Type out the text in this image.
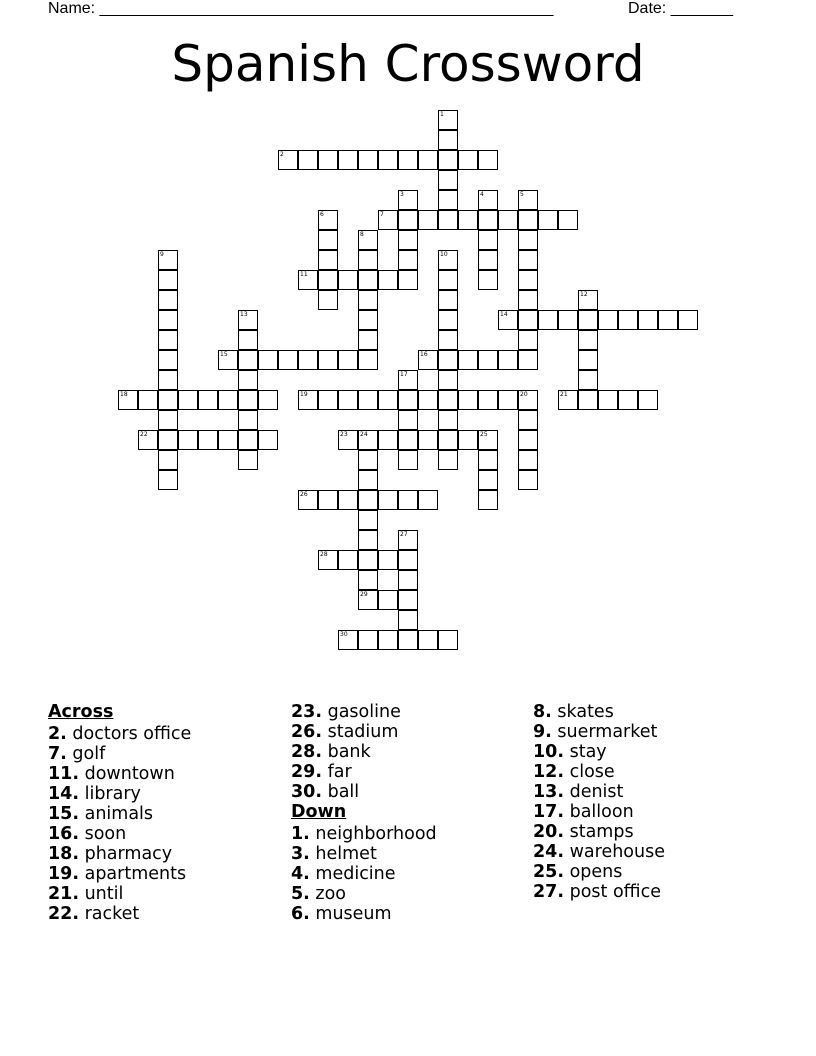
Name: ___________________________________________________	Date: _______
Spanish Crossword
1
2
3	4	5
6	7
8
9	10
11
12
13	14
15	16
17
18	19	20	21
22	23 24	25
26
27
28
29
30
Across
2. doctors office
7. golf
11. downtown
14. library
15. animals
16. soon
18. pharmacy
19. apartments
21. until
22. racket
23. gasoline
26. stadium
28. bank
29. far
30. ball
Down
1. neighborhood
3. helmet
4. medicine
5. zoo
6. museum
8. skates
9. suermarket
10. stay
12. close
13. denist
17. balloon
20. stamps
24. warehouse
25. opens
27. post office
